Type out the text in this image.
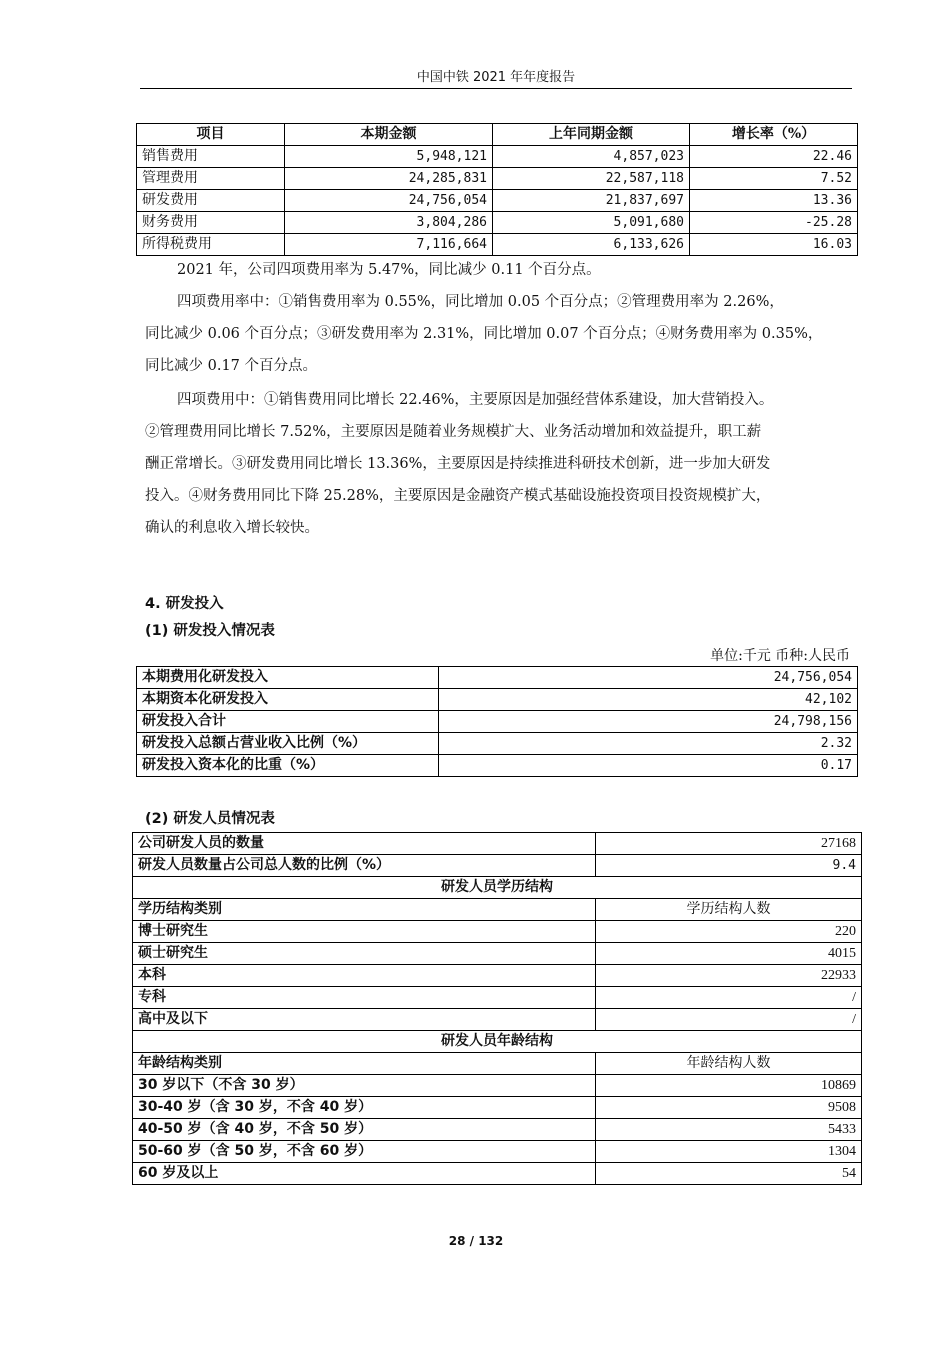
中国中铁 2021 年年度报告
项目	本期金额	上年同期金额	增长率（%）
销售费用	5,948,121	4,857,023	22.46
管理费用	24,285,831	22,587,118	7.52
研发费用	24,756,054	21,837,697	13.36
财务费用	3,804,286	5,091,680	-25.28
所得税费用	7,116,664	6,133,626	16.03

2021 年，公司四项费用率为 5.47%，同比减少 0.11 个百分点。

四项费用率中：①销售费用率为 0.55%，同比增加 0.05 个百分点；②管理费用率为 2.26%，
同比减少 0.06 个百分点；③研发费用率为 2.31%，同比增加 0.07 个百分点；④财务费用率为 0.35%，
同比减少 0.17 个百分点。

四项费用中：①销售费用同比增长 22.46%，主要原因是加强经营体系建设，加大营销投入。
②管理费用同比增长 7.52%，主要原因是随着业务规模扩大、业务活动增加和效益提升，职工薪
酬正常增长。③研发费用同比增长 13.36%，主要原因是持续推进科研技术创新，进一步加大研发
投入。④财务费用同比下降 25.28%，主要原因是金融资产模式基础设施投资项目投资规模扩大，
确认的利息收入增长较快。

4. 研发投入
(1) 研发投入情况表
单位:千元 币种:人民币
本期费用化研发投入	24,756,054
本期资本化研发投入	42,102
研发投入合计	24,798,156
研发投入总额占营业收入比例（%）	2.32
研发投入资本化的比重（%）	0.17
(2) 研发人员情况表
公司研发人员的数量	27168
研发人员数量占公司总人数的比例（%）	9.4
研发人员学历结构	
学历结构类别	学历结构人数
博士研究生	220
硕士研究生	4015
本科	22933
专科	/
高中及以下	/
研发人员年龄结构	
年龄结构类别	年龄结构人数
30 岁以下（不含 30 岁）	10869
30-40 岁（含 30 岁，不含 40 岁）	9508
40-50 岁（含 40 岁，不含 50 岁）	5433
50-60 岁（含 50 岁，不含 60 岁）	1304
60 岁及以上	54
28 / 132
